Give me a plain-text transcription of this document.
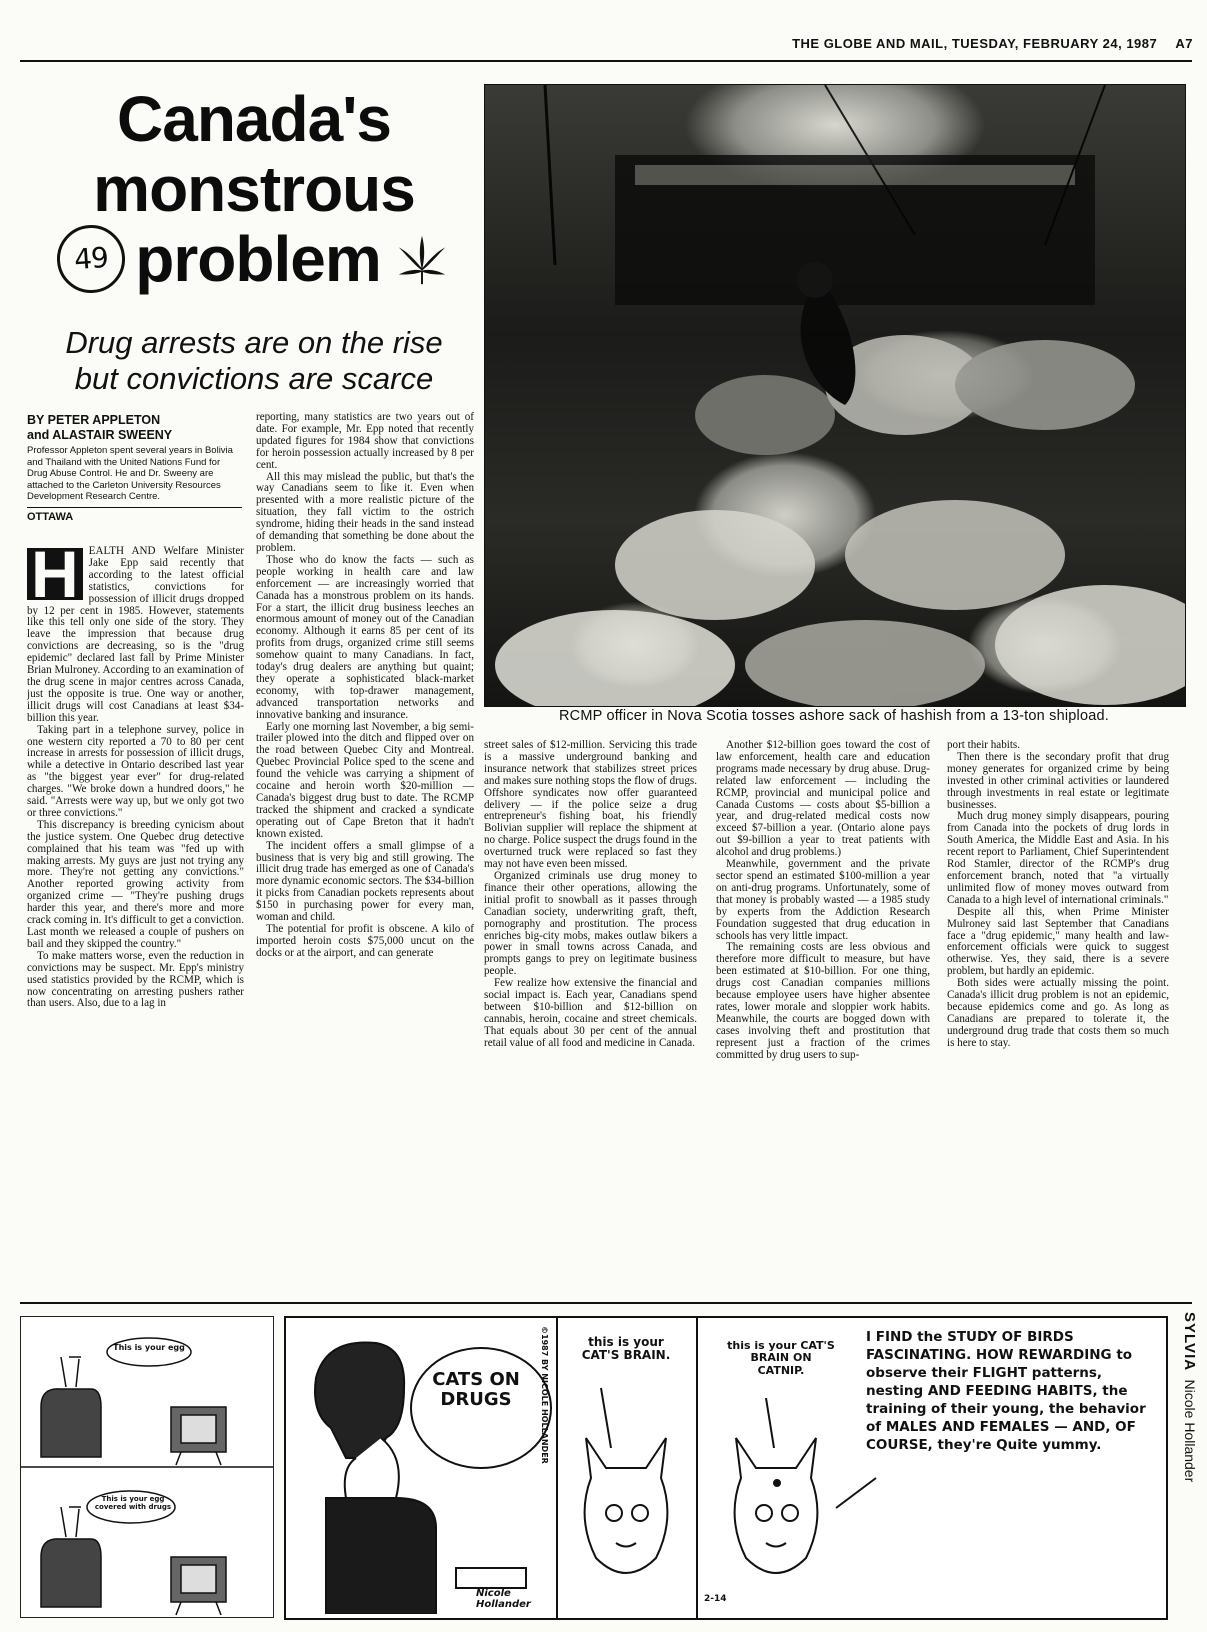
THE GLOBE AND MAIL, TUESDAY, FEBRUARY 24, 1987 A7
Canada's
monstrous
49 problem
Drug arrests are on the rise
but convictions are scarce
BY PETER APPLETON
and ALASTAIR SWEENY
Professor Appleton spent several years in Bolivia and Thailand with the United Nations Fund for Drug Abuse Control. He and Dr. Sweeny are attached to the Carleton University Resources Development Research Centre.
OTTAWA

H EALTH AND Welfare Minister Jake Epp said recently that according to the latest official statistics, convictions for possession of illicit drugs dropped by 12 per cent in 1985. However, statements like this tell only one side of the story. They leave the impression that because drug convictions are decreasing, so is the "drug epidemic" declared last fall by Prime Minister Brian Mulroney. According to an examination of the drug scene in major centres across Canada, just the opposite is true. One way or another, illicit drugs will cost Canadians at least $34-billion this year.

Taking part in a telephone survey, police in one western city reported a 70 to 80 per cent increase in arrests for possession of illicit drugs, while a detective in Ontario described last year as "the biggest year ever" for drug-related charges. "We broke down a hundred doors," he said. "Arrests were way up, but we only got two or three convictions."

This discrepancy is breeding cynicism about the justice system. One Quebec drug detective complained that his team was "fed up with making arrests. My guys are just not trying any more. They're not getting any convictions." Another reported growing activity from organized crime — "They're pushing drugs harder this year, and there's more and more crack coming in. It's difficult to get a conviction. Last month we released a couple of pushers on bail and they skipped the country."

To make matters worse, even the reduction in convictions may be suspect. Mr. Epp's ministry used statistics provided by the RCMP, which is now concentrating on arresting pushers rather than users. Also, due to a lag in

reporting, many statistics are two years out of date. For example, Mr. Epp noted that recently updated figures for 1984 show that convictions for heroin possession actually increased by 8 per cent.

All this may mislead the public, but that's the way Canadians seem to like it. Even when presented with a more realistic picture of the situation, they fall victim to the ostrich syndrome, hiding their heads in the sand instead of demanding that something be done about the problem.

Those who do know the facts — such as people working in health care and law enforcement — are increasingly worried that Canada has a monstrous problem on its hands. For a start, the illicit drug business leeches an enormous amount of money out of the Canadian economy. Although it earns 85 per cent of its profits from drugs, organized crime still seems somehow quaint to many Canadians. In fact, today's drug dealers are anything but quaint; they operate a sophisticated black-market economy, with top-drawer management, advanced transportation networks and innovative banking and insurance.

Early one morning last November, a big semi-trailer plowed into the ditch and flipped over on the road between Quebec City and Montreal. Quebec Provincial Police sped to the scene and found the vehicle was carrying a shipment of cocaine and heroin worth $20-million — Canada's biggest drug bust to date. The RCMP tracked the shipment and cracked a syndicate operating out of Cape Breton that it hadn't known existed.

The incident offers a small glimpse of a business that is very big and still growing. The illicit drug trade has emerged as one of Canada's more dynamic economic sectors. The $34-billion it picks from Canadian pockets represents about $150 in purchasing power for every man, woman and child.

The potential for profit is obscene. A kilo of imported heroin costs $75,000 uncut on the docks or at the airport, and can generate

RCMP officer in Nova Scotia tosses ashore sack of hashish from a 13-ton shipload.

street sales of $12-million. Servicing this trade is a massive underground banking and insurance network that stabilizes street prices and makes sure nothing stops the flow of drugs. Offshore syndicates now offer guaranteed delivery — if the police seize a drug entrepreneur's fishing boat, his friendly Bolivian supplier will replace the shipment at no charge. Police suspect the drugs found in the overturned truck were replaced so fast they may not have even been missed.

Organized criminals use drug money to finance their other operations, allowing the initial profit to snowball as it passes through Canadian society, underwriting graft, theft, pornography and prostitution. The process enriches big-city mobs, makes outlaw bikers a power in small towns across Canada, and prompts gangs to prey on legitimate business people.

Few realize how extensive the financial and social impact is. Each year, Canadians spend between $10-billion and $12-billion on cannabis, heroin, cocaine and street chemicals. That equals about 30 per cent of the annual retail value of all food and medicine in Canada.

Another $12-billion goes toward the cost of law enforcement, health care and education programs made necessary by drug abuse. Drug-related law enforcement — including the RCMP, provincial and municipal police and Canada Customs — costs about $5-billion a year, and drug-related medical costs now exceed $7-billion a year. (Ontario alone pays out $9-billion a year to treat patients with alcohol and drug problems.)

Meanwhile, government and the private sector spend an estimated $100-million a year on anti-drug programs. Unfortunately, some of that money is probably wasted — a 1985 study by experts from the Addiction Research Foundation suggested that drug education in schools has very little impact.

The remaining costs are less obvious and therefore more difficult to measure, but have been estimated at $10-billion. For one thing, drugs cost Canadian companies millions because employee users have higher absentee rates, lower morale and sloppier work habits. Meanwhile, the courts are bogged down with cases involving theft and prostitution that represent just a fraction of the crimes committed by drug users to sup-

port their habits.

Then there is the secondary profit that drug money generates for organized crime by being invested in other criminal activities or laundered through investments in real estate or legitimate businesses.

Much drug money simply disappears, pouring from Canada into the pockets of drug lords in South America, the Middle East and Asia. In his recent report to Parliament, Chief Superintendent Rod Stamler, director of the RCMP's drug enforcement branch, noted that "a virtually unlimited flow of money moves outward from Canada to a high level of international criminals."

Despite all this, when Prime Minister Mulroney said last September that Canadians face a "drug epidemic," many health and law-enforcement officials were quick to suggest otherwise. Yes, they said, there is a severe problem, but hardly an epidemic.

Both sides were actually missing the point. Canada's illicit drug problem is not an epidemic, because epidemics come and go. As long as Canadians are prepared to tolerate it, the underground drug trade that costs them so much is here to stay.

This is your egg
This is your egg covered with drugs
CATS ON DRUGS
Nicole Hollander
©1987 BY NICOLE HOLLANDER	this is your CAT'S BRAIN.
this is your CAT'S BRAIN ON CATNIP.
2-14
I FIND the STUDY OF BIRDS FASCINATING. HOW REWARDING to observe their FLIGHT patterns, nesting AND FEEDING HABITS, the training of their young, the behavior of MALES AND FEMALES — AND, OF COURSE, they're Quite yummy.
SYLVIA Nicole Hollander
